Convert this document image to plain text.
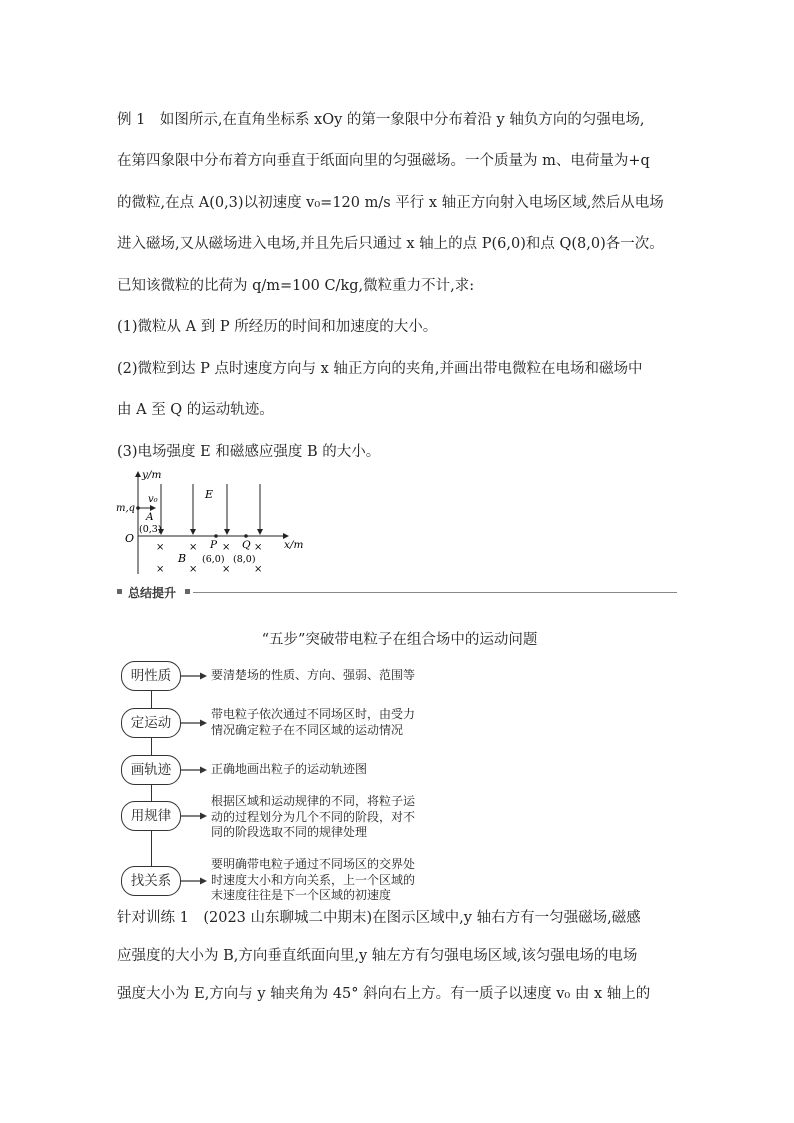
例 1　如图所示,在直角坐标系 xOy 的第一象限中分布着沿 y 轴负方向的匀强电场,
在第四象限中分布着方向垂直于纸面向里的匀强磁场。一个质量为 m、电荷量为+q
的微粒,在点 A(0,3)以初速度 v₀=120 m/s 平行 x 轴正方向射入电场区域,然后从电场
进入磁场,又从磁场进入电场,并且先后只通过 x 轴上的点 P(6,0)和点 Q(8,0)各一次。
已知该微粒的比荷为 q/m=100 C/kg,微粒重力不计,求:
(1)微粒从 A 到 P 所经历的时间和加速度的大小。
(2)微粒到达 P 点时速度方向与 x 轴正方向的夹角,并画出带电微粒在电场和磁场中
由 A 至 Q 的运动轨迹。
(3)电场强度 E 和磁感应强度 B 的大小。
y/m
x/m
O
m,q
v₀
A
(0,3)
E
P Q
(6,0) (8,0)
B
× × × ×
× × × ×
总结提升
“五步”突破带电粒子在组合场中的运动问题
明性质
定运动
画轨迹
用规律
找关系
要清楚场的性质、方向、强弱、范围等
带电粒子依次通过不同场区时，由受力
情况确定粒子在不同区域的运动情况
正确地画出粒子的运动轨迹图
根据区域和运动规律的不同，将粒子运
动的过程划分为几个不同的阶段，对不
同的阶段选取不同的规律处理
要明确带电粒子通过不同场区的交界处
时速度大小和方向关系，上一个区域的
末速度往往是下一个区域的初速度
针对训练 1　(2023 山东聊城二中期末)在图示区域中,y 轴右方有一匀强磁场,磁感
应强度的大小为 B,方向垂直纸面向里,y 轴左方有匀强电场区域,该匀强电场的电场
强度大小为 E,方向与 y 轴夹角为 45° 斜向右上方。有一质子以速度 v₀ 由 x 轴上的
